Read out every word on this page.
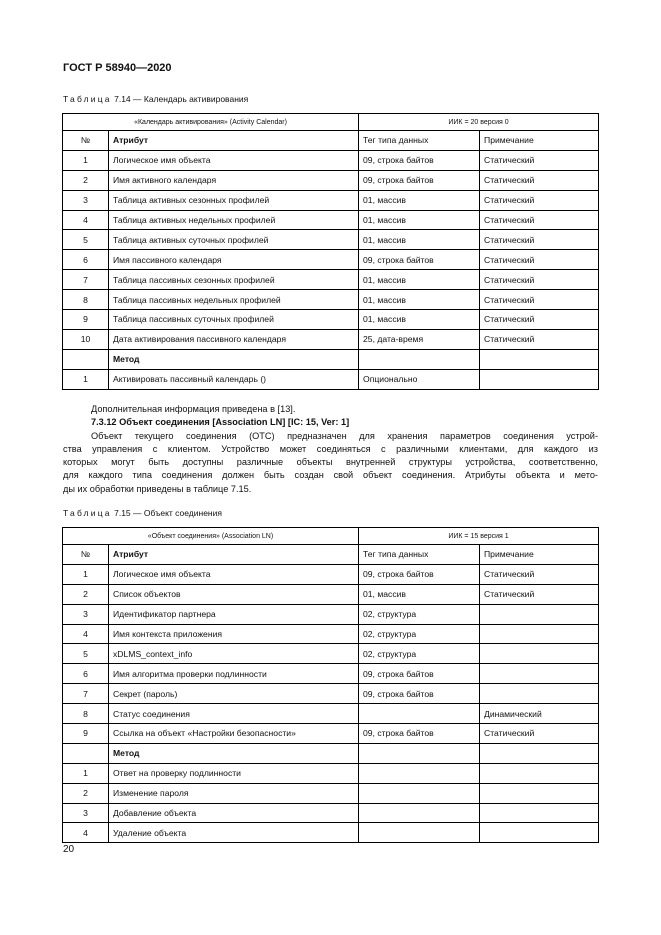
ГОСТ Р 58940—2020
Таблица 7.14 — Календарь активирования
«Календарь активирования» (Activity Calendar)		ИИК = 20 версия 0	
№	Атрибут	Тег типа данных	Примечание
1	Логическое имя объекта	09, строка байтов	Статический
2	Имя активного календаря	09, строка байтов	Статический
3	Таблица активных сезонных профилей	01, массив	Статический
4	Таблица активных недельных профилей	01, массив	Статический
5	Таблица активных суточных профилей	01, массив	Статический
6	Имя пассивного календаря	09, строка байтов	Статический
7	Таблица пассивных сезонных профилей	01, массив	Статический
8	Таблица пассивных недельных профилей	01, массив	Статический
9	Таблица пассивных суточных профилей	01, массив	Статический
10	Дата активирования пассивного календаря	25, дата-время	Статический
	Метод		
1	Активировать пассивный календарь ()	Опционально	

Дополнительная информация приведена в [13].

7.3.12 Объект соединения [Association LN] [IC: 15, Ver: 1]

Объект текущего соединения (ОТС) предназначен для хранения параметров соединения устрой-

ства управления с клиентом. Устройство может соединяться с различными клиентами, для каждого из

которых могут быть доступны различные объекты внутренней структуры устройства, соответственно,

для каждого типа соединения должен быть создан свой объект соединения. Атрибуты объекта и мето-

ды их обработки приведены в таблице 7.15.

Таблица 7.15 — Объект соединения
«Объект соединения» (Association LN)		ИИК = 15 версия 1	
№	Атрибут	Тег типа данных	Примечание
1	Логическое имя объекта	09, строка байтов	Статический
2	Список объектов	01, массив	Статический
3	Идентификатор партнера	02, структура	
4	Имя контекста приложения	02, структура	
5	xDLMS_context_info	02, структура	
6	Имя алгоритма проверки подлинности	09, строка байтов	
7	Секрет (пароль)	09, строка байтов	
8	Статус соединения		Динамический
9	Ссылка на объект «Настройки безопасности»	09, строка байтов	Статический
	Метод		
1	Ответ на проверку подлинности		
2	Изменение пароля		
3	Добавление объекта		
4	Удаление объекта		
20
